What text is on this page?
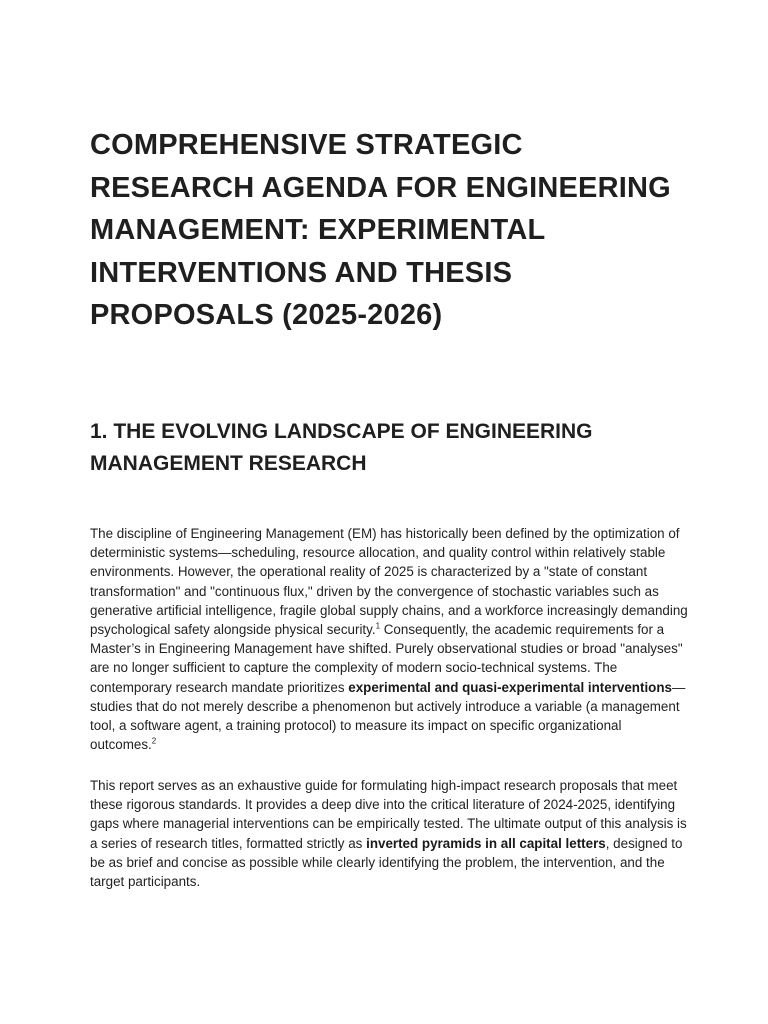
COMPREHENSIVE STRATEGIC RESEARCH AGENDA FOR ENGINEERING MANAGEMENT: EXPERIMENTAL INTERVENTIONS AND THESIS PROPOSALS (2025-2026)
1. THE EVOLVING LANDSCAPE OF ENGINEERING MANAGEMENT RESEARCH

The discipline of Engineering Management (EM) has historically been defined by the optimization of deterministic systems—scheduling, resource allocation, and quality control within relatively stable environments. However, the operational reality of 2025 is characterized by a "state of constant transformation" and "continuous flux," driven by the convergence of stochastic variables such as generative artificial intelligence, fragile global supply chains, and a workforce increasingly demanding psychological safety alongside physical security.$^1$ Consequently, the academic requirements for a Master’s in Engineering Management have shifted. Purely observational studies or broad "analyses" are no longer sufficient to capture the complexity of modern socio-technical systems. The contemporary research mandate prioritizes experimental and quasi-experimental interventions—studies that do not merely describe a phenomenon but actively introduce a variable (a management tool, a software agent, a training protocol) to measure its impact on specific organizational outcomes.$^2$

This report serves as an exhaustive guide for formulating high-impact research proposals that meet these rigorous standards. It provides a deep dive into the critical literature of 2024-2025, identifying gaps where managerial interventions can be empirically tested. The ultimate output of this analysis is a series of research titles, formatted strictly as inverted pyramids in all capital letters, designed to be as brief and concise as possible while clearly identifying the problem, the intervention, and the target participants.
